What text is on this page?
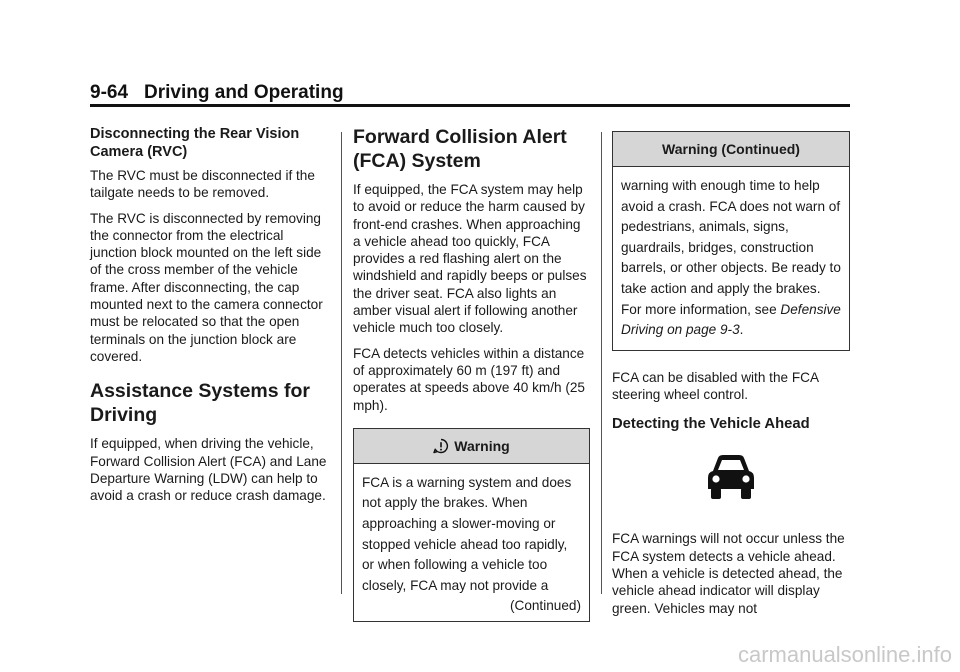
9-64 Driving and Operating
Disconnecting the Rear Vision Camera (RVC)

The RVC must be disconnected if the tailgate needs to be removed.

The RVC is disconnected by removing the connector from the electrical junction block mounted on the left side of the cross member of the vehicle frame. After disconnecting, the cap mounted next to the camera connector must be relocated so that the open terminals on the junction block are covered.

Assistance Systems for Driving

If equipped, when driving the vehicle, Forward Collision Alert (FCA) and Lane Departure Warning (LDW) can help to avoid a crash or reduce crash damage.

Forward Collision Alert (FCA) System

If equipped, the FCA system may help to avoid or reduce the harm caused by front-end crashes. When approaching a vehicle ahead too quickly, FCA provides a red flashing alert on the windshield and rapidly beeps or pulses the driver seat. FCA also lights an amber visual alert if following another vehicle much too closely.

FCA detects vehicles within a distance of approximately 60 m (197 ft) and operates at speeds above 40 km/h (25 mph).

Warning

FCA is a warning system and does not apply the brakes. When approaching a slower-moving or stopped vehicle ahead too rapidly, or when following a vehicle too closely, FCA may not provide a

(Continued)
Warning (Continued)

warning with enough time to help avoid a crash. FCA does not warn of pedestrians, animals, signs, guardrails, bridges, construction barrels, or other objects. Be ready to take action and apply the brakes. For more information, see Defensive Driving on page 9-3.

FCA can be disabled with the FCA steering wheel control.

Detecting the Vehicle Ahead

FCA warnings will not occur unless the FCA system detects a vehicle ahead. When a vehicle is detected ahead, the vehicle ahead indicator will display green. Vehicles may not

carmanualsonline.info
